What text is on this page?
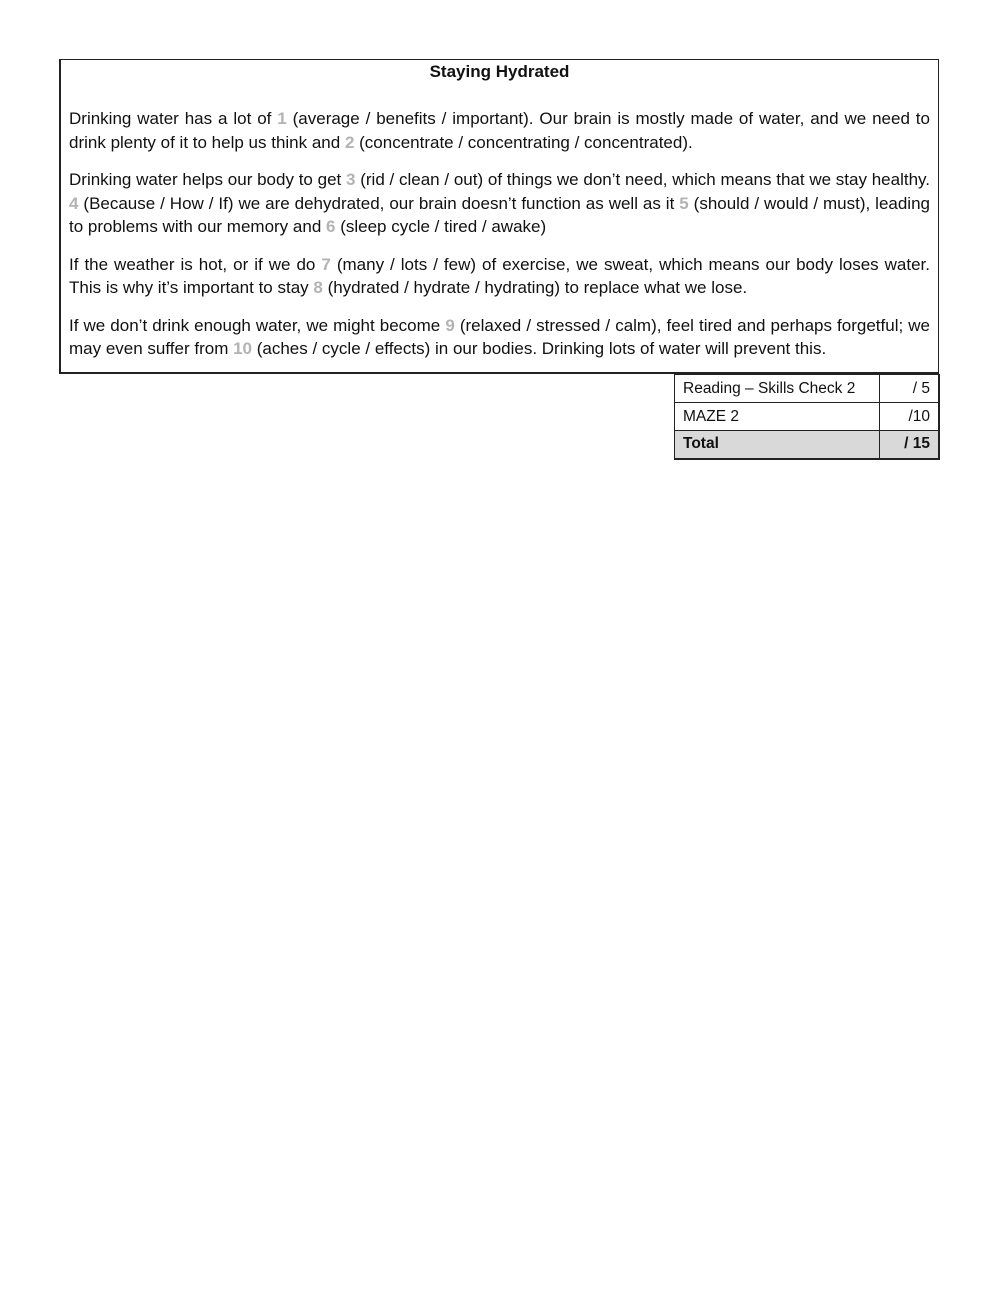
Staying Hydrated

Drinking water has a lot of 1 (average / benefits / important). Our brain is mostly made of water, and we need to drink plenty of it to help us think and 2 (concentrate / concentrating / concentrated).

Drinking water helps our body to get 3 (rid / clean / out) of things we don’t need, which means that we stay healthy. 4 (Because / How / If) we are dehydrated, our brain doesn’t function as well as it 5 (should / would / must), leading to problems with our memory and 6 (sleep cycle / tired / awake)

If the weather is hot, or if we do 7 (many / lots / few) of exercise, we sweat, which means our body loses water. This is why it’s important to stay 8 (hydrated / hydrate / hydrating) to replace what we lose.

If we don’t drink enough water, we might become 9 (relaxed / stressed / calm), feel tired and perhaps forgetful; we may even suffer from 10 (aches / cycle / effects) in our bodies. Drinking lots of water will prevent this.

Reading – Skills Check 2	/ 5
MAZE 2	/10
Total	/ 15
